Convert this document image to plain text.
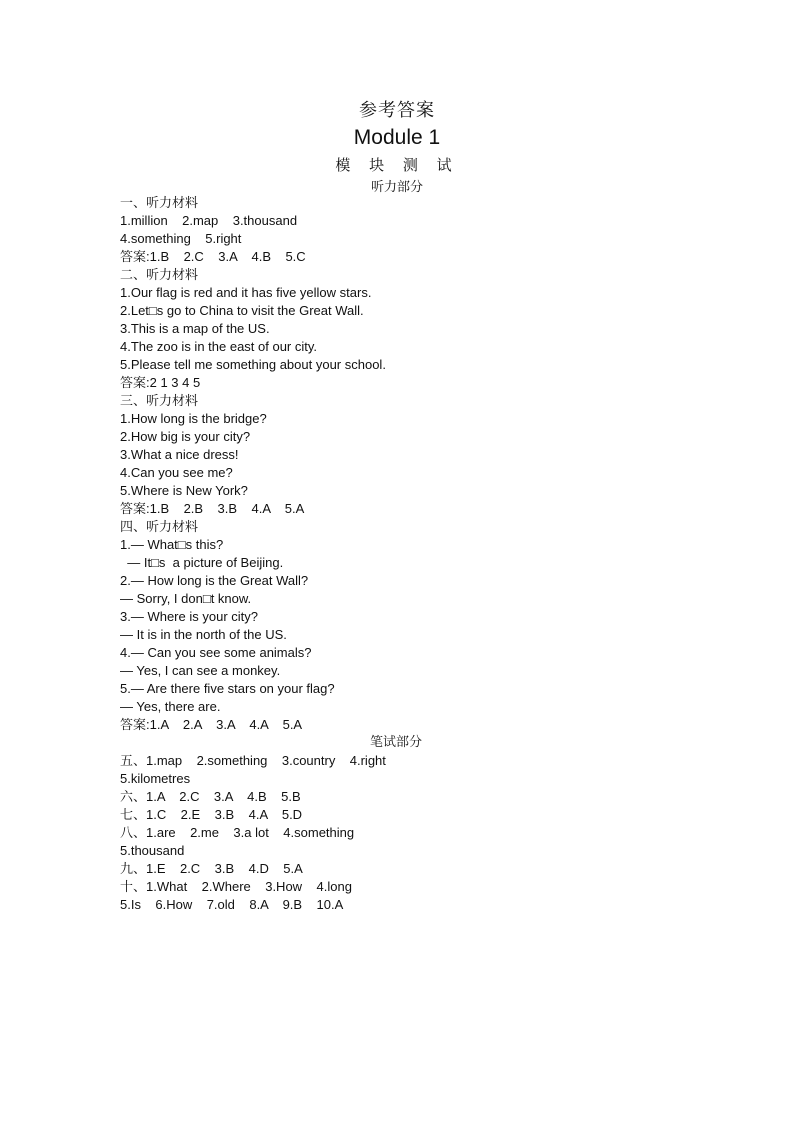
参考答案
Module 1
模 块 测 试
听力部分
一、听力材料
1.million    2.map    3.thousand
4.something    5.right
答案:1.B    2.C    3.A    4.B    5.C
二、听力材料
1.Our flag is red and it has five yellow stars.
2.Let□s go to China to visit the Great Wall.
3.This is a map of the US.
4.The zoo is in the east of our city.
5.Please tell me something about your school.
答案:2 1 3 4 5
三、听力材料
1.How long is the bridge?
2.How big is your city?
3.What a nice dress!
4.Can you see me?
5.Where is New York?
答案:1.B    2.B    3.B    4.A    5.A
四、听力材料
1.— What□s this?
— It□s  a picture of Beijing.
2.— How long is the Great Wall?
— Sorry, I don□t know.
3.— Where is your city?
— It is in the north of the US.
4.— Can you see some animals?
— Yes, I can see a monkey.
5.— Are there five stars on your flag?
— Yes, there are.
答案:1.A    2.A    3.A    4.A    5.A
笔试部分
五、1.map    2.something    3.country    4.right
5.kilometres
六、1.A    2.C    3.A    4.B    5.B
七、1.C    2.E    3.B    4.A    5.D
八、1.are    2.me    3.a lot    4.something
5.thousand
九、1.E    2.C    3.B    4.D    5.A
十、1.What    2.Where    3.How    4.long
5.Is    6.How    7.old    8.A    9.B    10.A
